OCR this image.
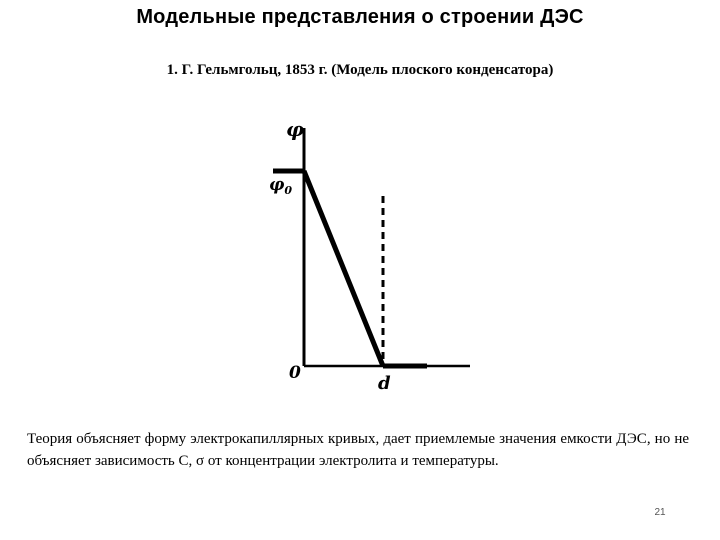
Модельные представления о строении ДЭС
1. Г. Гельмгольц, 1853 г. (Модель плоского конденсатора)
φ
$\varphi_0$
0	d
Теория объясняет форму электрокапиллярных кривых, дает приемлемые значения емкости ДЭС, но не объясняет зависимость С, σ от концентрации электролита и температуры.
21
